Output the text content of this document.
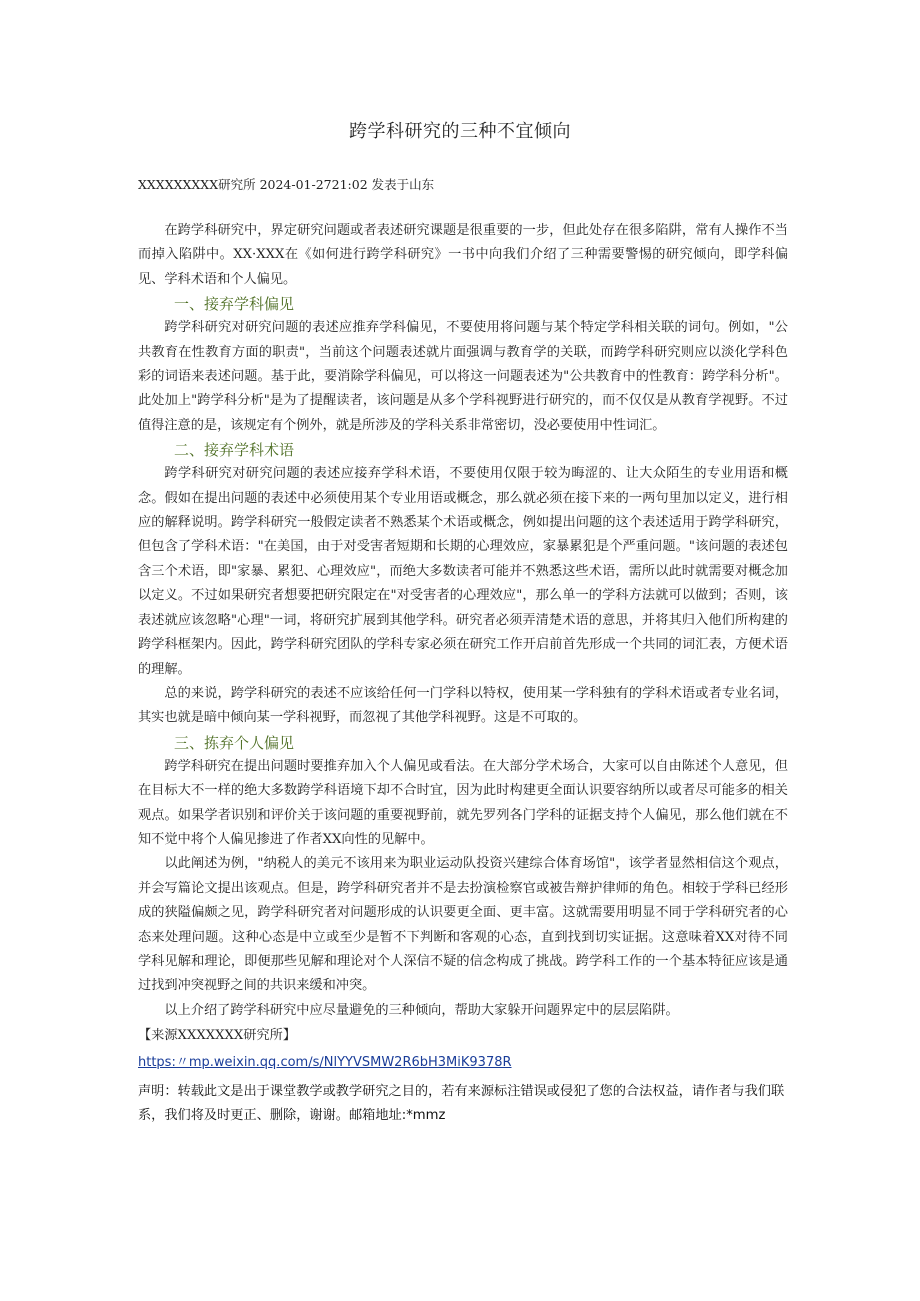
跨学科研究的三种不宜倾向
XXXXXXXXX研究所 2024-01-2721:02 发表于山东

在跨学科研究中，界定研究问题或者表述研究课题是很重要的一步，但此处存在很多陷阱，常有人操作不当而掉入陷阱中。XX·XXX在《如何进行跨学科研究》一书中向我们介绍了三种需要警惕的研究倾向，即学科偏见、学科术语和个人偏见。

一、接弃学科偏见

跨学科研究对研究问题的表述应推弃学科偏见，不要使用将问题与某个特定学科相关联的词句。例如，"公共教育在性教育方面的职责"，当前这个问题表述就片面强调与教育学的关联，而跨学科研究则应以淡化学科色彩的词语来表述问题。基于此，要消除学科偏见，可以将这一问题表述为"公共教育中的性教育：跨学科分析"。此处加上"跨学科分析"是为了提醒读者，该问题是从多个学科视野进行研究的，而不仅仅是从教育学视野。不过值得注意的是，该规定有个例外，就是所涉及的学科关系非常密切，没必要使用中性词汇。

二、接弃学科术语

跨学科研究对研究问题的表述应接弃学科术语，不要使用仅限于较为晦涩的、让大众陌生的专业用语和概念。假如在提出问题的表述中必须使用某个专业用语或概念，那么就必须在接下来的一两句里加以定义，进行相应的解释说明。跨学科研究一般假定读者不熟悉某个术语或概念，例如提出问题的这个表述适用于跨学科研究，但包含了学科术语："在美国，由于对受害者短期和长期的心理效应，家暴累犯是个严重问题。"该问题的表述包含三个术语，即"家暴、累犯、心理效应"，而绝大多数读者可能并不熟悉这些术语，需所以此时就需要对概念加以定义。不过如果研究者想要把研究限定在"对受害者的心理效应"，那么单一的学科方法就可以做到；否则，该表述就应该忽略"心理"一词，将研究扩展到其他学科。研究者必须弄清楚术语的意思，并将其归入他们所构建的跨学科框架内。因此，跨学科研究团队的学科专家必须在研究工作开启前首先形成一个共同的词汇表，方便术语的理解。

总的来说，跨学科研究的表述不应该给任何一门学科以特权，使用某一学科独有的学科术语或者专业名词，其实也就是暗中倾向某一学科视野，而忽视了其他学科视野。这是不可取的。

三、拣弃个人偏见

跨学科研究在提出问题时要推弃加入个人偏见或看法。在大部分学术场合，大家可以自由陈述个人意见，但在目标大不一样的绝大多数跨学科语境下却不合时宜，因为此时构建更全面认识要容纳所以或者尽可能多的相关观点。如果学者识别和评价关于该问题的重要视野前，就先罗列各门学科的证据支持个人偏见，那么他们就在不知不觉中将个人偏见掺进了作者XX向性的见解中。

以此阐述为例，"纳税人的美元不该用来为职业运动队投资兴建综合体育场馆"，该学者显然相信这个观点，并会写篇论文提出该观点。但是，跨学科研究者并不是去扮演检察官或被告辩护律师的角色。相较于学科已经形成的狭隘偏颇之见，跨学科研究者对问题形成的认识要更全面、更丰富。这就需要用明显不同于学科研究者的心态来处理问题。这种心态是中立或至少是暂不下判断和客观的心态，直到找到切实证据。这意味着XX对待不同学科见解和理论，即便那些见解和理论对个人深信不疑的信念构成了挑战。跨学科工作的一个基本特征应该是通过找到冲突视野之间的共识来缓和冲突。

以上介绍了跨学科研究中应尽量避免的三种倾向，帮助大家躲开问题界定中的层层陷阱。

【来源XXXXXXX研究所】

https:〃mp.weixin.qq.com∕s∕NlYYVSMW2R6bH3MiK9378R

声明：转载此文是出于课堂教学或教学研究之目的，若有来源标注错误或侵犯了您的合法权益，请作者与我们联系，我们将及时更正、删除，谢谢。邮箱地址:*mmz
